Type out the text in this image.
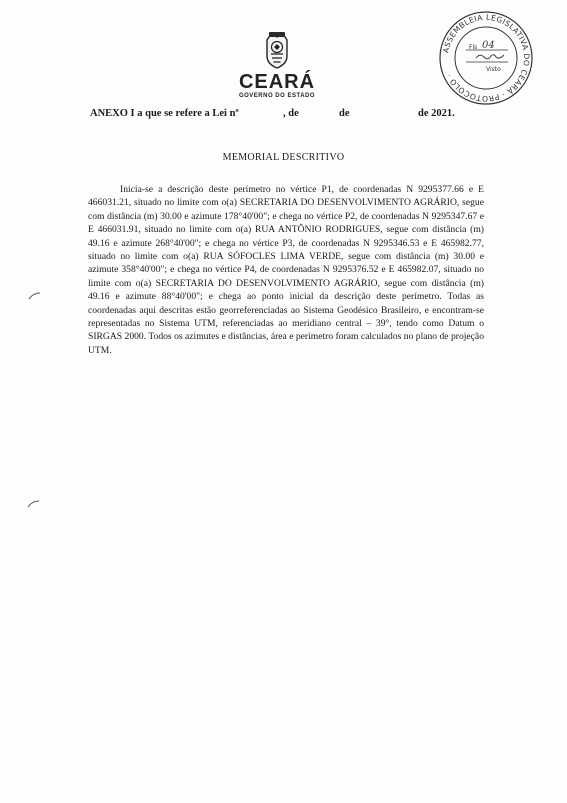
CEARÁ
GOVERNO DO ESTADO
ASSEMBLEIA LEGISLATIVA DO CEARÁ · PROTOCOLO ·
Fls
Visto
04
ANEXO I a que se refere a Lei nº	, de	de	de 2021.
MEMORIAL DESCRITIVO

Inicia-se a descrição deste perímetro no vértice P1, de coordenadas N 9295377.66 e E 466031.21, situado no limite com o(a) SECRETARIA DO DESENVOLVIMENTO AGRÁRIO, segue com distância (m) 30.00 e azimute 178°40'00"; e chega no vértice P2, de coordenadas N 9295347.67 e E 466031.91, situado no limite com o(a) RUA ANTÔNIO RODRIGUES, segue com distância (m) 49.16 e azimute 268°40'00"; e chega no vértice P3, de coordenadas N 9295346.53 e E 465982.77, situado no limite com o(a) RUA SÓFOCLES LIMA VERDE, segue com distância (m) 30.00 e azimute 358°40'00"; e chega no vértice P4, de coordenadas N 9295376.52 e E 465982.07, situado no limite com o(a) SECRETARIA DO DESENVOLVIMENTO AGRÁRIO, segue com distância (m) 49.16 e azimute 88°40'00"; e chega ao ponto inicial da descrição deste perímetro. Todas as coordenadas aqui descritas estão georreferenciadas ao Sistema Geodésico Brasileiro, e encontram-se representadas no Sistema UTM, referenciadas ao meridiano central – 39°, tendo como Datum o SIRGAS 2000. Todos os azimutes e distâncias, área e perímetro foram calculados no plano de projeção UTM.
